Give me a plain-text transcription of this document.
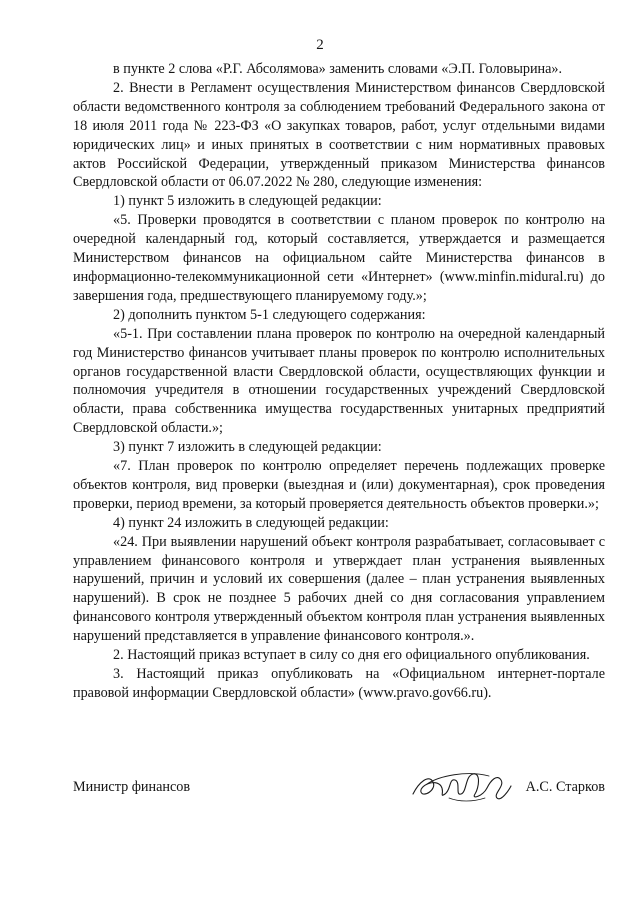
2

в пункте 2 слова «Р.Г. Абсолямова» заменить словами «Э.П. Головырина».

2. Внести в Регламент осуществления Министерством финансов Свердловской области ведомственного контроля за соблюдением требований Федерального закона от 18 июля 2011 года № 223-ФЗ «О закупках товаров, работ, услуг отдельными видами юридических лиц» и иных принятых в соответствии с ним нормативных правовых актов Российской Федерации, утвержденный приказом Министерства финансов Свердловской области от 06.07.2022 № 280, следующие изменения:

1) пункт 5 изложить в следующей редакции:

«5. Проверки проводятся в соответствии с планом проверок по контролю на очередной календарный год, который составляется, утверждается и размещается Министерством финансов на официальном сайте Министерства финансов в информационно-телекоммуникационной сети «Интернет» (www.minfin.midural.ru) до завершения года, предшествующего планируемому году.»;

2) дополнить пунктом 5-1 следующего содержания:

«5-1. При составлении плана проверок по контролю на очередной календарный год Министерство финансов учитывает планы проверок по контролю исполнительных органов государственной власти Свердловской области, осуществляющих функции и полномочия учредителя в отношении государственных учреждений Свердловской области, права собственника имущества государственных унитарных предприятий Свердловской области.»;

3) пункт 7 изложить в следующей редакции:

«7. План проверок по контролю определяет перечень подлежащих проверке объектов контроля, вид проверки (выездная и (или) документарная), срок проведения проверки, период времени, за который проверяется деятельность объектов проверки.»;

4) пункт 24 изложить в следующей редакции:

«24. При выявлении нарушений объект контроля разрабатывает, согласовывает с управлением финансового контроля и утверждает план устранения выявленных нарушений, причин и условий их совершения (далее – план устранения выявленных нарушений). В срок не позднее 5 рабочих дней со дня согласования управлением финансового контроля утвержденный объектом контроля план устранения выявленных нарушений представляется в управление финансового контроля.».

2. Настоящий приказ вступает в силу со дня его официального опубликования.

3. Настоящий приказ опубликовать на «Официальном интернет-портале правовой информации Свердловской области» (www.pravo.gov66.ru).

Министр финансов	А.С. Старков
